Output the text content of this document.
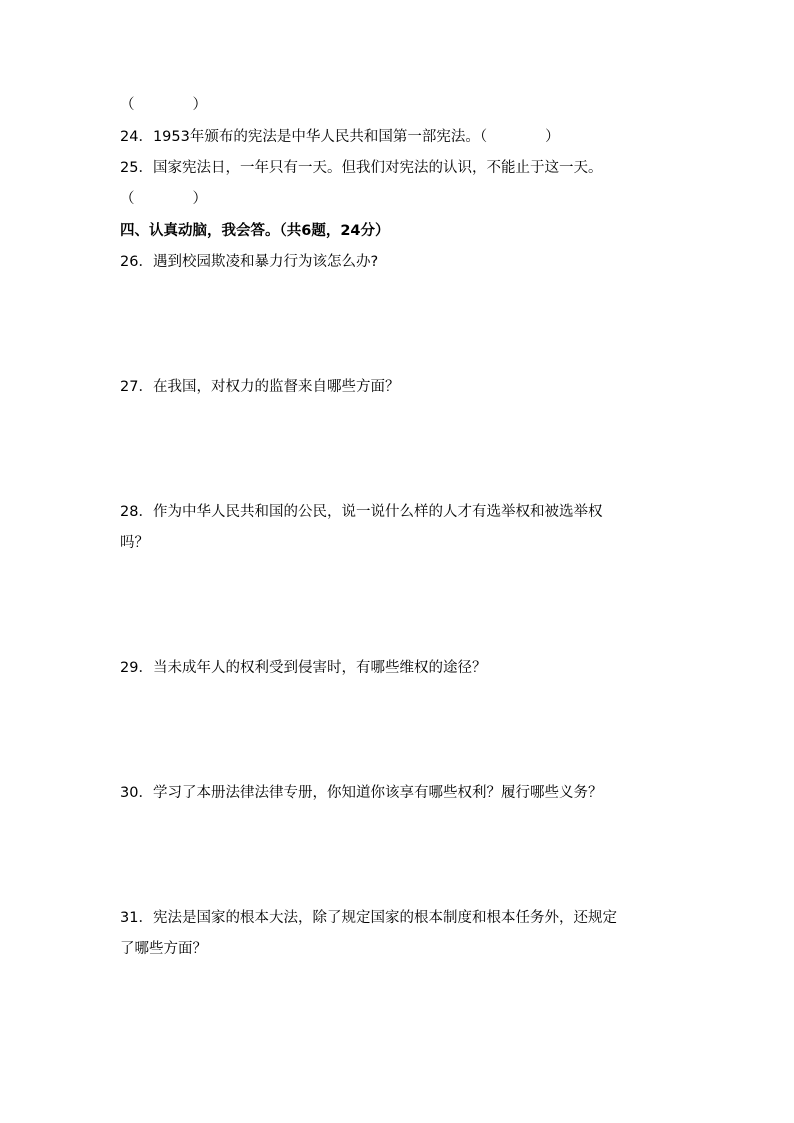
（　　　　）
24．1953年颁布的宪法是中华人民共和国第一部宪法。（　　　　）
25．国家宪法日，一年只有一天。但我们对宪法的认识，不能止于这一天。
（　　　　）
四、认真动脑，我会答。（共6题，24分）
26．遇到校园欺凌和暴力行为该怎么办?
27．在我国，对权力的监督来自哪些方面？
28．作为中华人民共和国的公民，说一说什么样的人才有选举权和被选举权
吗？
29．当未成年人的权利受到侵害时，有哪些维权的途径？
30．学习了本册法律法律专册，你知道你该享有哪些权利？履行哪些义务？
31．宪法是国家的根本大法，除了规定国家的根本制度和根本任务外，还规定
了哪些方面？
